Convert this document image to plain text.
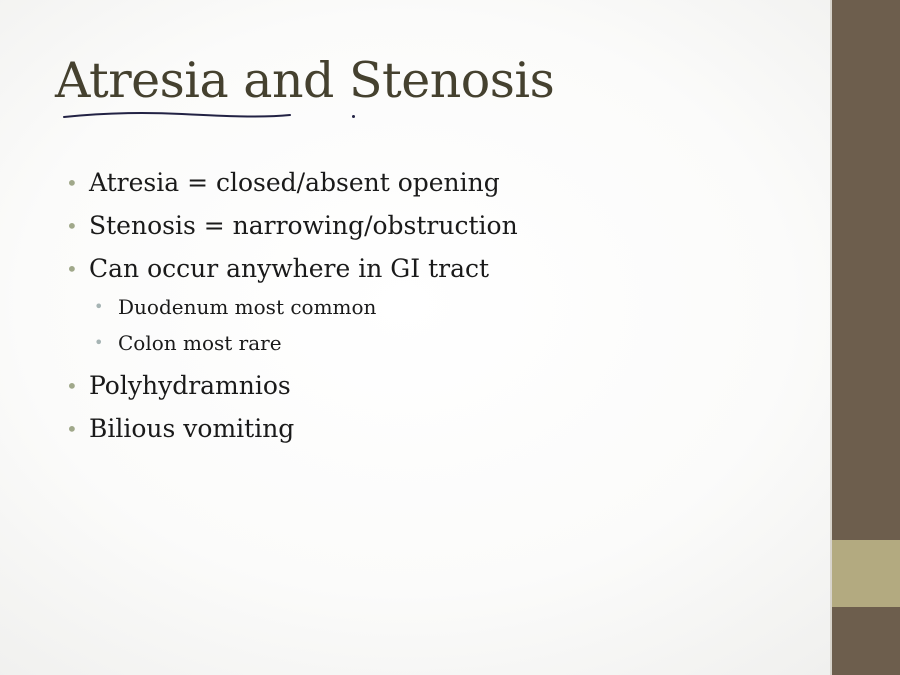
Atresia and Stenosis
• Atresia = closed/absent opening
• Stenosis = narrowing/obstruction
• Can occur anywhere in GI tract
• Duodenum most common
• Colon most rare
• Polyhydramnios
• Bilious vomiting
